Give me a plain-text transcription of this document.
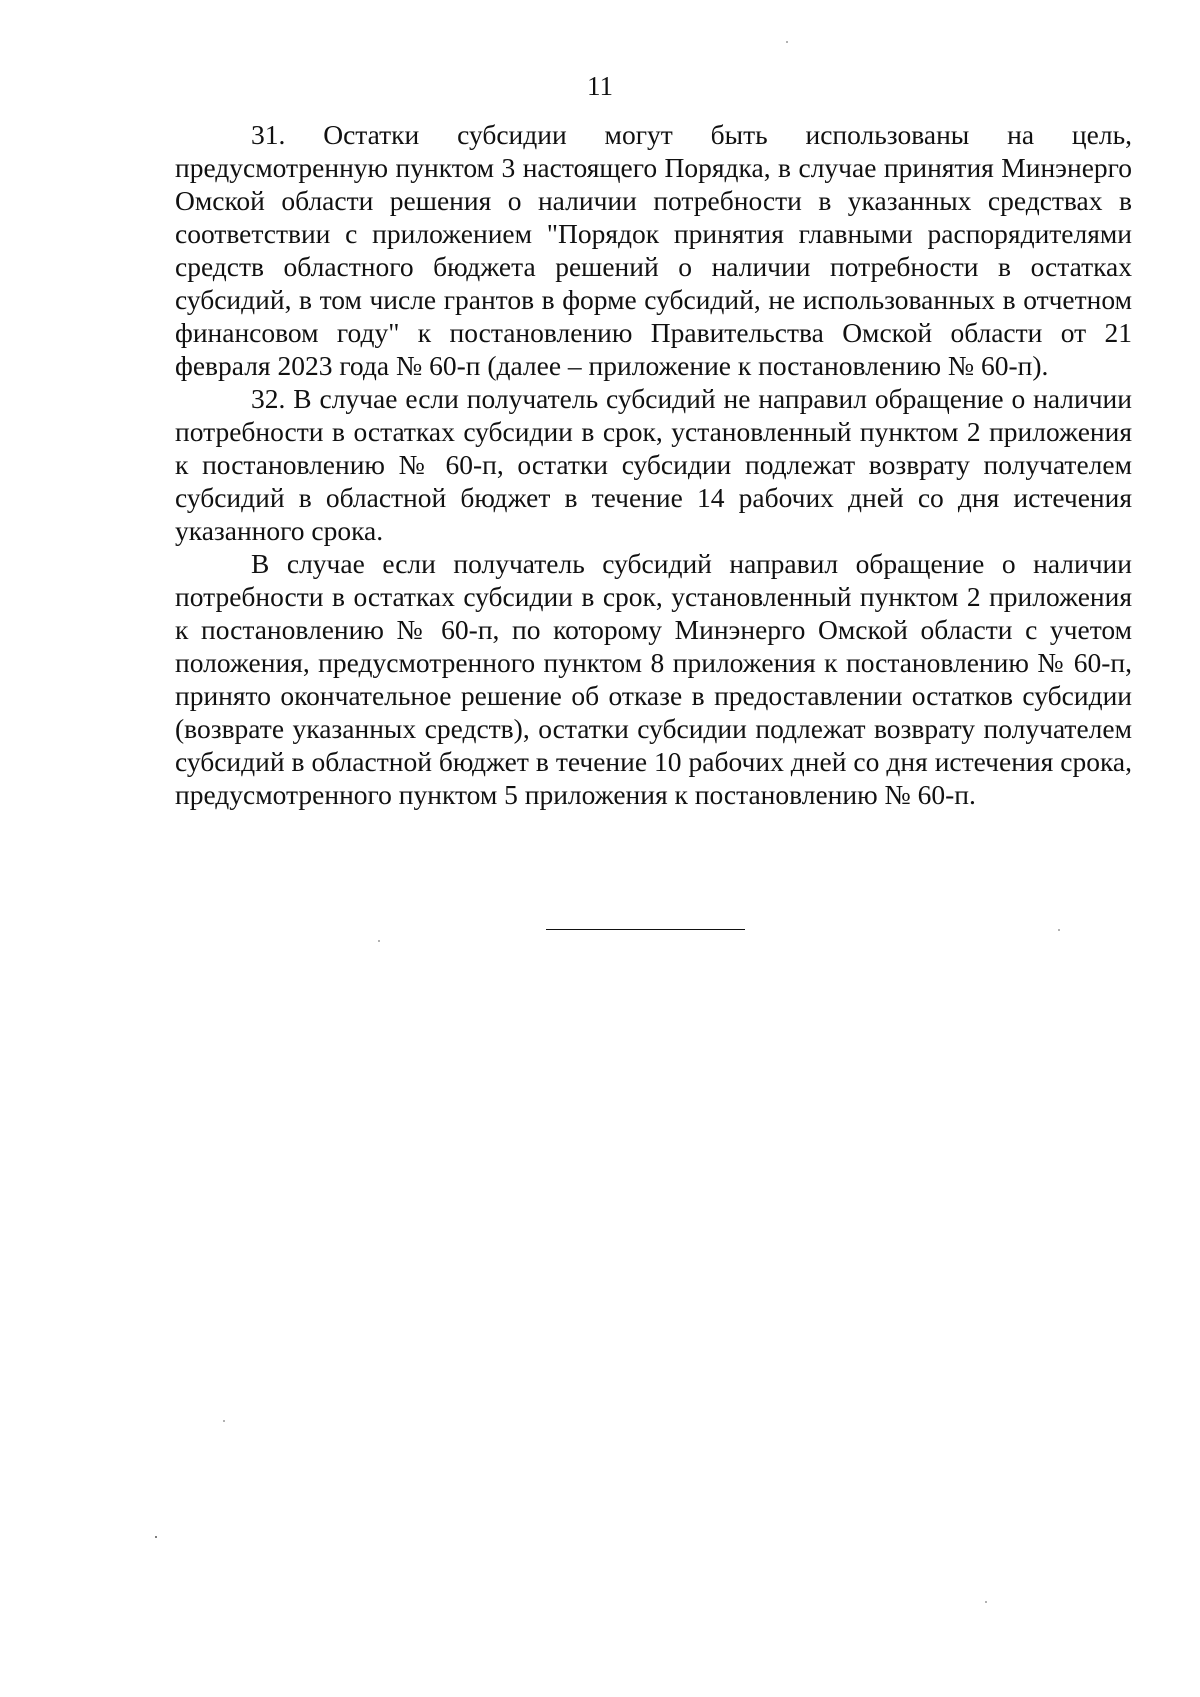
11

31. Остатки субсидии могут быть использованы на цель, предусмотренную пунктом 3 настоящего Порядка, в случае принятия Минэнерго Омской области решения о наличии потребности в указанных средствах в соответствии с приложением "Порядок принятия главными распорядителями средств областного бюджета решений о наличии потребности в остатках субсидий, в том числе грантов в форме субсидий, не использованных в отчетном финансовом году" к постановлению Правительства Омской области от 21 февраля 2023 года № 60-п (далее – приложение к постановлению № 60-п).

32. В случае если получатель субсидий не направил обращение о наличии потребности в остатках субсидии в срок, установленный пунктом 2 приложения к постановлению № 60-п, остатки субсидии подлежат возврату получателем субсидий в областной бюджет в течение 14 рабочих дней со дня истечения указанного срока.

В случае если получатель субсидий направил обращение о наличии потребности в остатках субсидии в срок, установленный пунктом 2 приложения к постановлению № 60-п, по которому Минэнерго Омской области с учетом положения, предусмотренного пунктом 8 приложения к постановлению № 60-п, принято окончательное решение об отказе в предоставлении остатков субсидии (возврате указанных средств), остатки субсидии подлежат возврату получателем субсидий в областной бюджет в течение 10 рабочих дней со дня истечения срока, предусмотренного пунктом 5 приложения к постановлению № 60-п.
